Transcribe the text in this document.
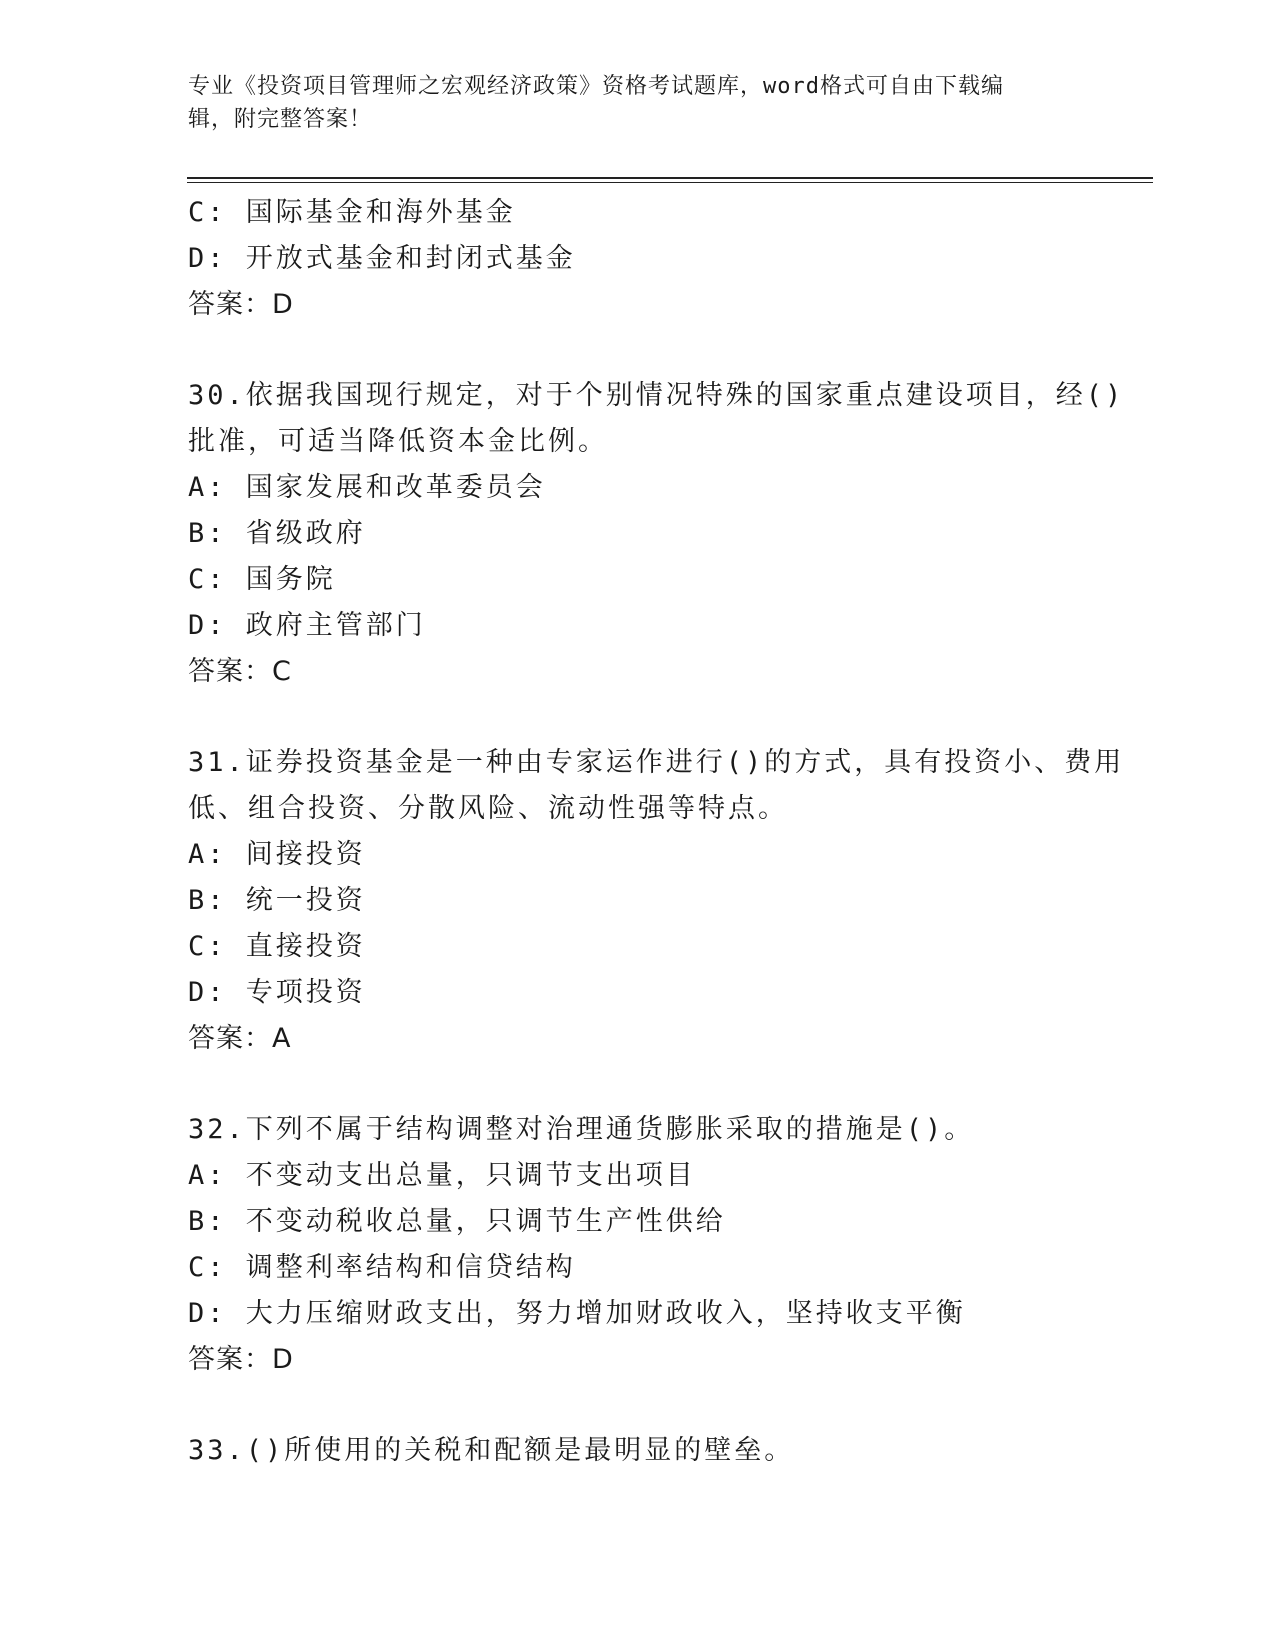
专业《投资项目管理师之宏观经济政策》资格考试题库，word格式可自由下载编
辑，附完整答案！
C: 国际基金和海外基金
D: 开放式基金和封闭式基金
答案：D
30.依据我国现行规定，对于个别情况特殊的国家重点建设项目，经()
批准，可适当降低资本金比例。
A: 国家发展和改革委员会
B: 省级政府
C: 国务院
D: 政府主管部门
答案：C
31.证券投资基金是一种由专家运作进行()的方式，具有投资小、费用
低、组合投资、分散风险、流动性强等特点。
A: 间接投资
B: 统一投资
C: 直接投资
D: 专项投资
答案：A
32.下列不属于结构调整对治理通货膨胀采取的措施是()。
A: 不变动支出总量，只调节支出项目
B: 不变动税收总量，只调节生产性供给
C: 调整利率结构和信贷结构
D: 大力压缩财政支出，努力增加财政收入，坚持收支平衡
答案：D
33.()所使用的关税和配额是最明显的壁垒。
